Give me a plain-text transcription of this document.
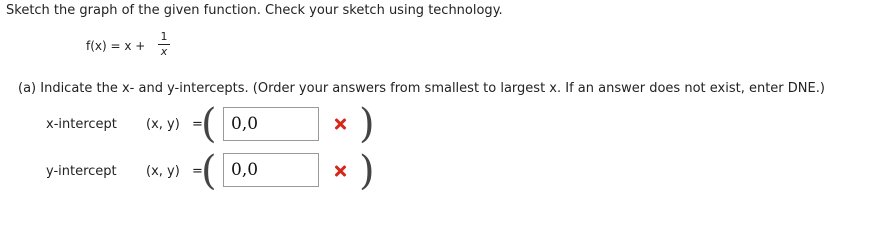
Sketch the graph of the given function. Check your sketch using technology.
f(x) = x +
1
x
(a) Indicate the x- and y-intercepts. (Order your answers from smallest to largest x. If an answer does not exist, enter DNE.)
x-intercept (x, y) =
(
0,0	)
y-intercept (x, y) =
(
0,0	)
